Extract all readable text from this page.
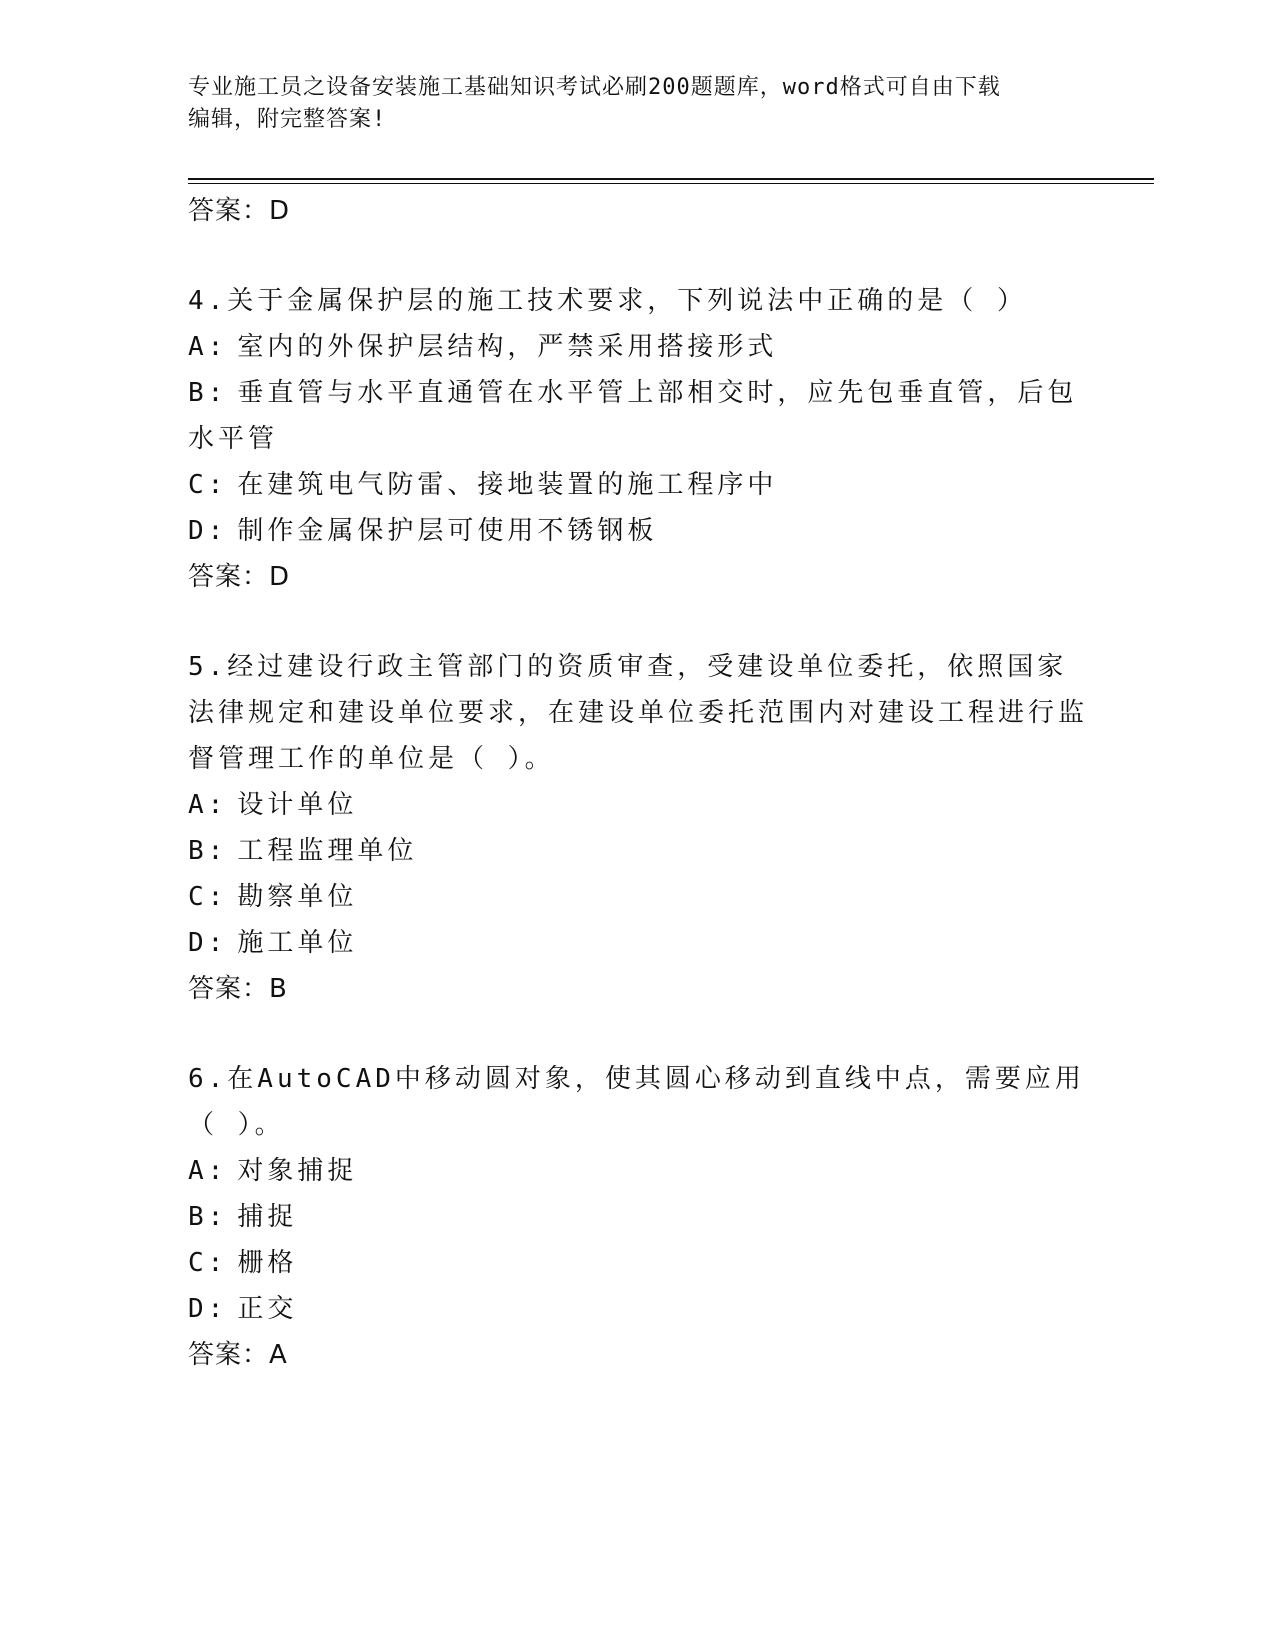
专业施工员之设备安装施工基础知识考试必刷200题题库，word格式可自由下载
编辑，附完整答案!
答案：D
4.关于金属保护层的施工技术要求，下列说法中正确的是（ ）
A: 室内的外保护层结构，严禁采用搭接形式
B: 垂直管与水平直通管在水平管上部相交时，应先包垂直管，后包水平管
C: 在建筑电气防雷、接地装置的施工程序中
D: 制作金属保护层可使用不锈钢板
答案：D
5.经过建设行政主管部门的资质审查，受建设单位委托，依照国家法律规定和建设单位要求，在建设单位委托范围内对建设工程进行监督管理工作的单位是（ ）。
A: 设计单位
B: 工程监理单位
C: 勘察单位
D: 施工单位
答案：B
6.在AutoCAD中移动圆对象，使其圆心移动到直线中点，需要应用（ ）。
A: 对象捕捉
B: 捕捉
C: 栅格
D: 正交
答案：A
